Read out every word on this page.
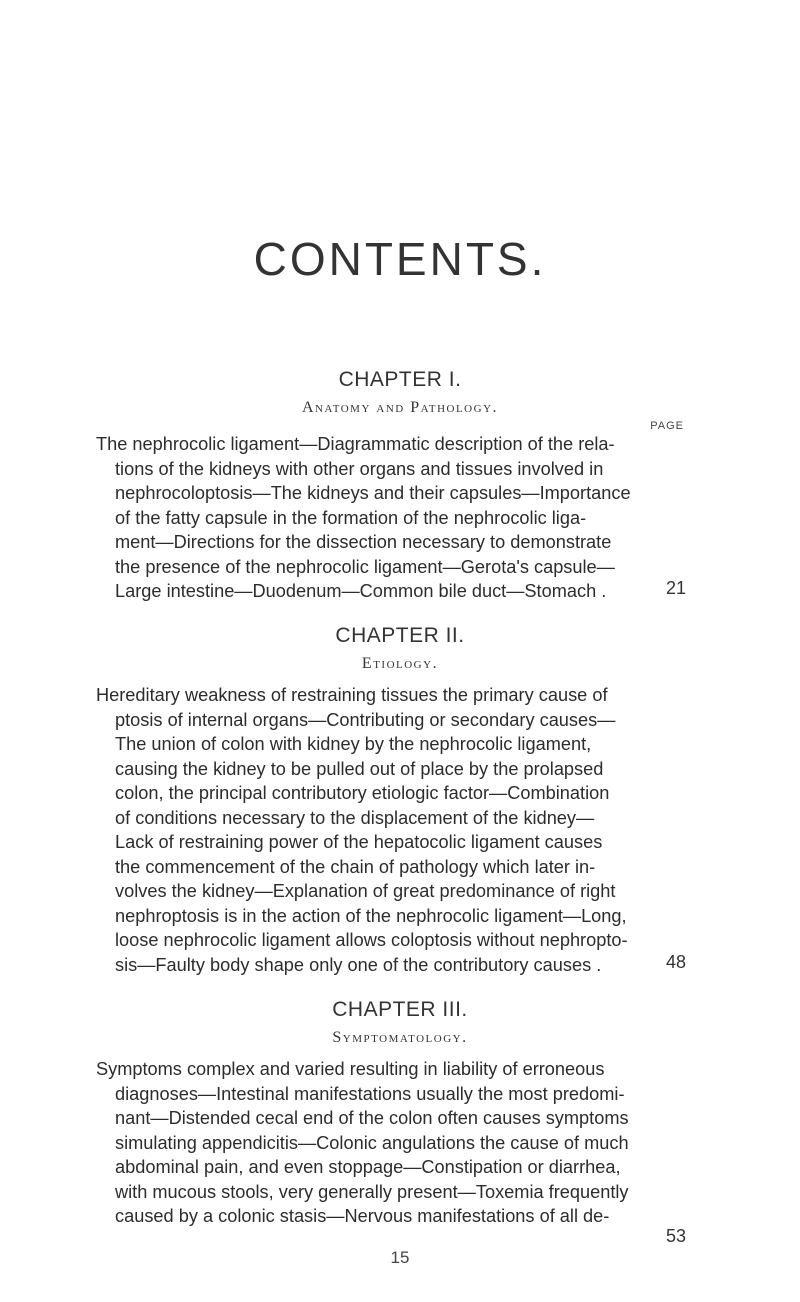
CONTENTS.
CHAPTER I.
Anatomy and Pathology.
PAGE
The nephrocolic ligament—Diagrammatic description of the rela-
tions of the kidneys with other organs and tissues involved in
nephrocoloptosis—The kidneys and their capsules—Importance
of the fatty capsule in the formation of the nephrocolic liga-
ment—Directions for the dissection necessary to demonstrate
the presence of the nephrocolic ligament—Gerota's capsule—
Large intestine—Duodenum—Common bile duct—Stomach .	21
CHAPTER II.
Etiology.
Hereditary weakness of restraining tissues the primary cause of
ptosis of internal organs—Contributing or secondary causes—
The union of colon with kidney by the nephrocolic ligament,
causing the kidney to be pulled out of place by the prolapsed
colon, the principal contributory etiologic factor—Combination
of conditions necessary to the displacement of the kidney—
Lack of restraining power of the hepatocolic ligament causes
the commencement of the chain of pathology which later in-
volves the kidney—Explanation of great predominance of right
nephroptosis is in the action of the nephrocolic ligament—Long,
loose nephrocolic ligament allows coloptosis without nephropto-
sis—Faulty body shape only one of the contributory causes .	48
CHAPTER III.
Symptomatology.
Symptoms complex and varied resulting in liability of erroneous
diagnoses—Intestinal manifestations usually the most predomi-
nant—Distended cecal end of the colon often causes symptoms
simulating appendicitis—Colonic angulations the cause of much
abdominal pain, and even stoppage—Constipation or diarrhea,
with mucous stools, very generally present—Toxemia frequently
caused by a colonic stasis—Nervous manifestations of all de-
53
15
